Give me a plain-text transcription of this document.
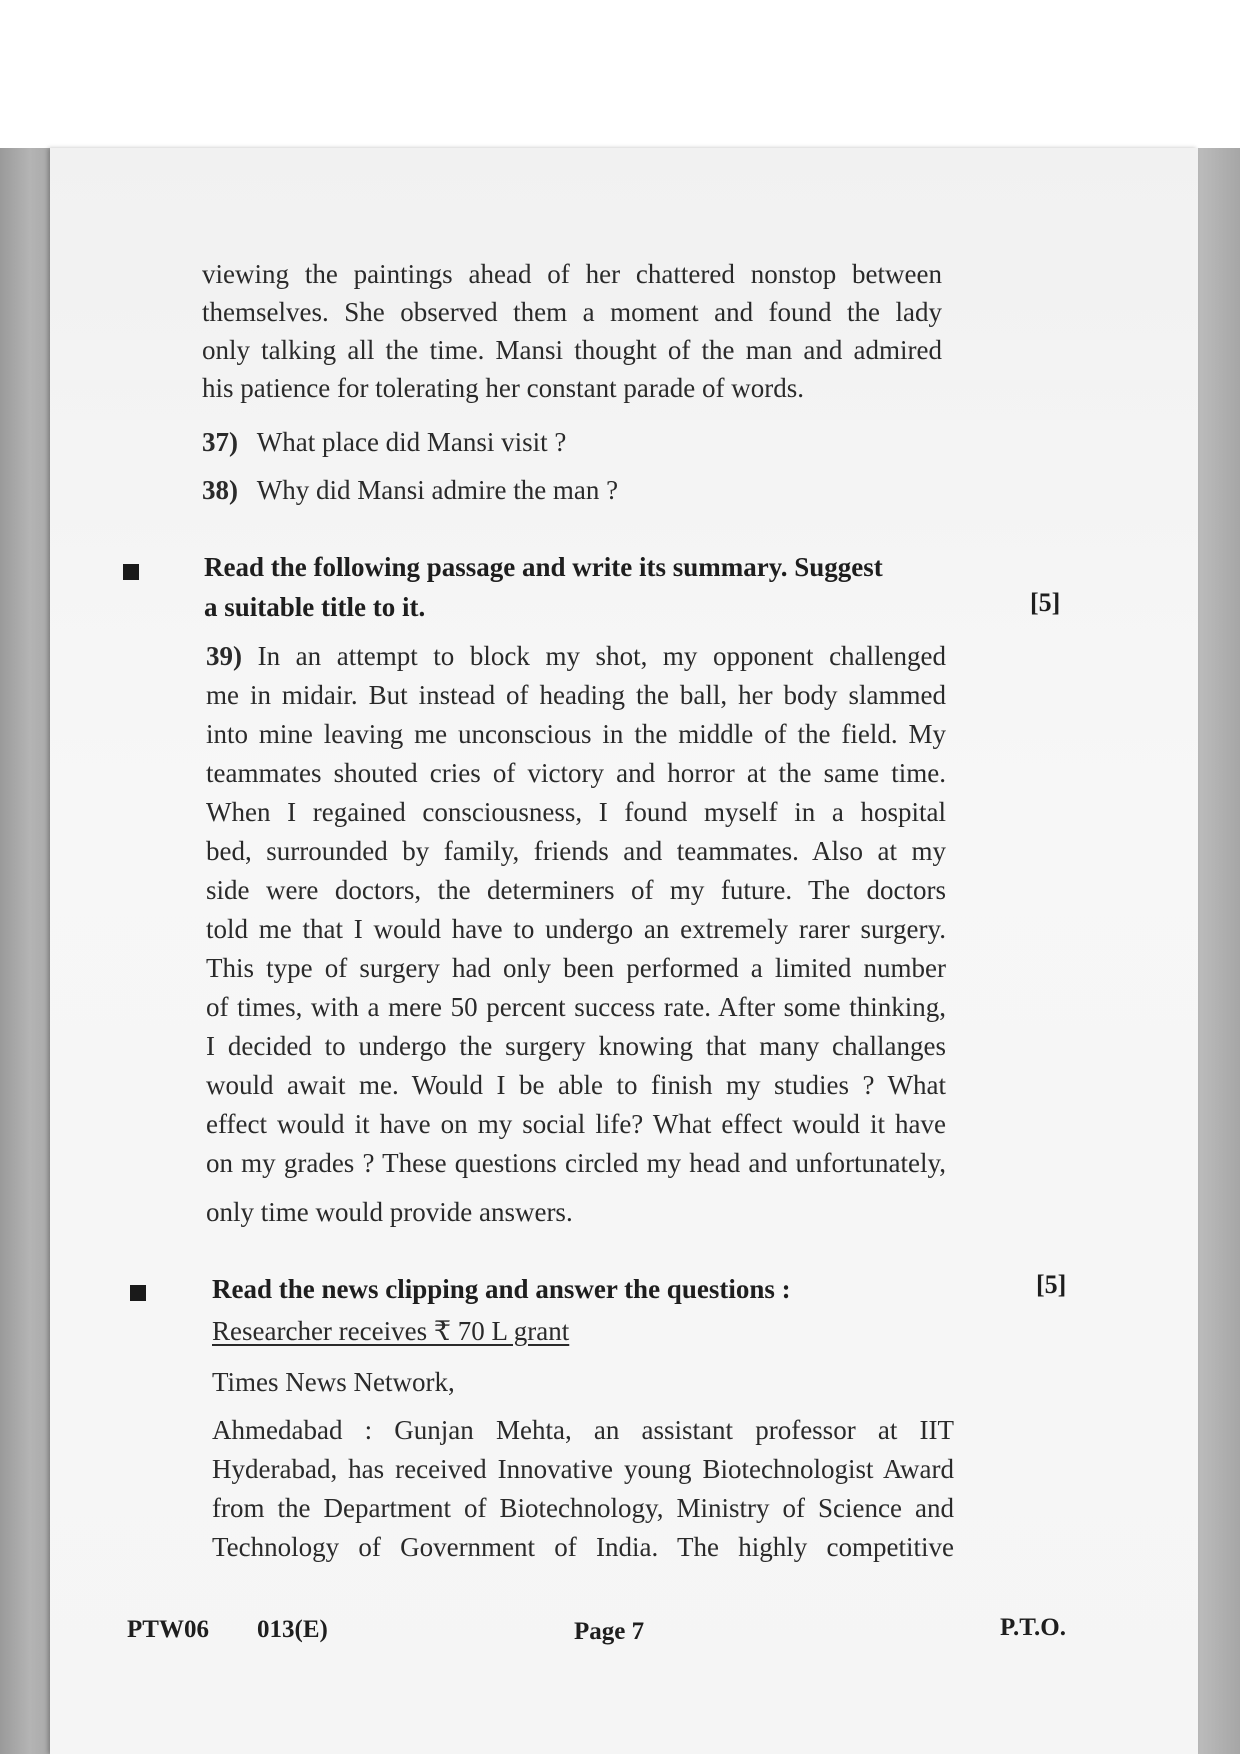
viewing the paintings ahead of her chattered nonstop between
themselves. She observed them a moment and found the lady
only talking all the time. Mansi thought of the man and admired
his patience for tolerating her constant parade of words.
37) What place did Mansi visit ?
38) Why did Mansi admire the man ?
Read the following passage and write its summary. Suggest
a suitable title to it.	[5]
39) In an attempt to block my shot, my opponent challenged
me in midair. But instead of heading the ball, her body slammed
into mine leaving me unconscious in the middle of the field. My
teammates shouted cries of victory and horror at the same time.
When I regained consciousness, I found myself in a hospital
bed, surrounded by family, friends and teammates. Also at my
side were doctors, the determiners of my future. The doctors
told me that I would have to undergo an extremely rarer surgery.
This type of surgery had only been performed a limited number
of times, with a mere 50 percent success rate. After some thinking,
I decided to undergo the surgery knowing that many challanges
would await me. Would I be able to finish my studies ? What
effect would it have on my social life? What effect would it have
on my grades ? These questions circled my head and unfortunately,
only time would provide answers.
Read the news clipping and answer the questions :	[5]
Researcher receives ₹ 70 L grant
Times News Network,
Ahmedabad : Gunjan Mehta, an assistant professor at IIT
Hyderabad, has received Innovative young Biotechnologist Award
from the Department of Biotechnology, Ministry of Science and
Technology of Government of India. The highly competitive
PTW06 013(E)	Page 7	P.T.O.
